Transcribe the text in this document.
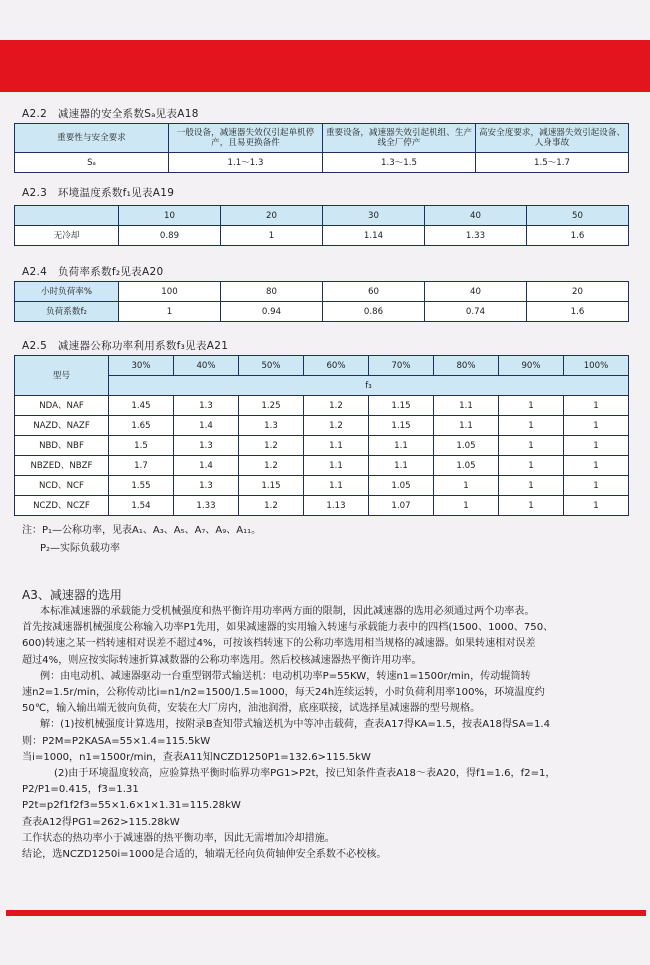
A2.2　减速器的安全系数Sₐ见表A18
重要性与安全要求	一般设备，减速器失效仅引起单机停产，且易更换备件	重要设备，减速器失效引起机组、生产线全厂停产	高安全度要求，减速器失效引起设备、人身事故
Sₐ	1.1～1.3	1.3～1.5	1.5～1.7
A2.3　环境温度系数f₁见表A19
	10	20	30	40	50
无冷却	0.89	1	1.14	1.33	1.6
A2.4　负荷率系数f₂见表A20
小时负荷率%	100	80	60	40	20
负荷系数f₂	1	0.94	0.86	0.74	1.6
A2.5　减速器公称功率利用系数f₃见表A21
型号	30%	40%	50%	60%	70%	80%	90%	100%
f₃
NDA、NAF	1.45	1.3	1.25	1.2	1.15	1.1	1	1
NAZD、NAZF	1.65	1.4	1.3	1.2	1.15	1.1	1	1
NBD、NBF	1.5	1.3	1.2	1.1	1.1	1.05	1	1
NBZED、NBZF	1.7	1.4	1.2	1.1	1.1	1.05	1	1
NCD、NCF	1.55	1.3	1.15	1.1	1.05	1	1	1
NCZD、NCZF	1.54	1.33	1.2	1.13	1.07	1	1	1
注：P₁—公称功率，见表A₁、A₃、A₅、A₇、A₉、A₁₁。
P₂—实际负载功率
A3、减速器的选用

本标准减速器的承载能力受机械强度和热平衡许用功率两方面的限制，因此减速器的选用必须通过两个功率表。

首先按减速器机械强度公称输入功率P1先用，如果减速器的实用输入转速与承载能力表中的四档(1500、1000、750、

600)转速之某一档转速相对误差不超过4%，可按该档转速下的公称功率选用相当规格的减速器。如果转速相对误差

超过4%，则应按实际转速折算减数器的公称功率选用。然后校核减速器热平衡许用功率。

例：由电动机、减速器驱动一台重型钢带式输送机：电动机功率P=55KW，转速n1=1500r/min，传动辊筒转

速n2=1.5r/min，公称传动比i=n1/n2=1500/1.5=1000，每天24h连续运转，小时负荷利用率100%，环境温度约

50℃，输入输出端无彼向负荷，安装在大厂房内，油池润滑，底座联接，试选择星减速器的型号规格。

解：(1)按机械强度计算选用，按附录B查知带式输送机为中等冲击载荷，查表A17得KA=1.5，按表A18得SA=1.4

则：P2M=P2KASA=55×1.4=115.5kW

当i=1000，n1=1500r/min，查表A11知NCZD1250P1=132.6>115.5kW

(2)由于环境温度较高，应验算热平衡时临界功率PG1>P2t，按已知条件查表A18～表A20，得f1=1.6，f2=1，

P2/P1=0.415，f3=1.31

P2t=p2f1f2f3=55×1.6×1×1.31=115.28kW

查表A12得PG1=262>115.28kW

工作状态的热功率小于减速器的热平衡功率，因此无需增加冷却措施。

结论，选NCZD1250i=1000是合适的，轴端无径向负荷轴伸安全系数不必校核。
